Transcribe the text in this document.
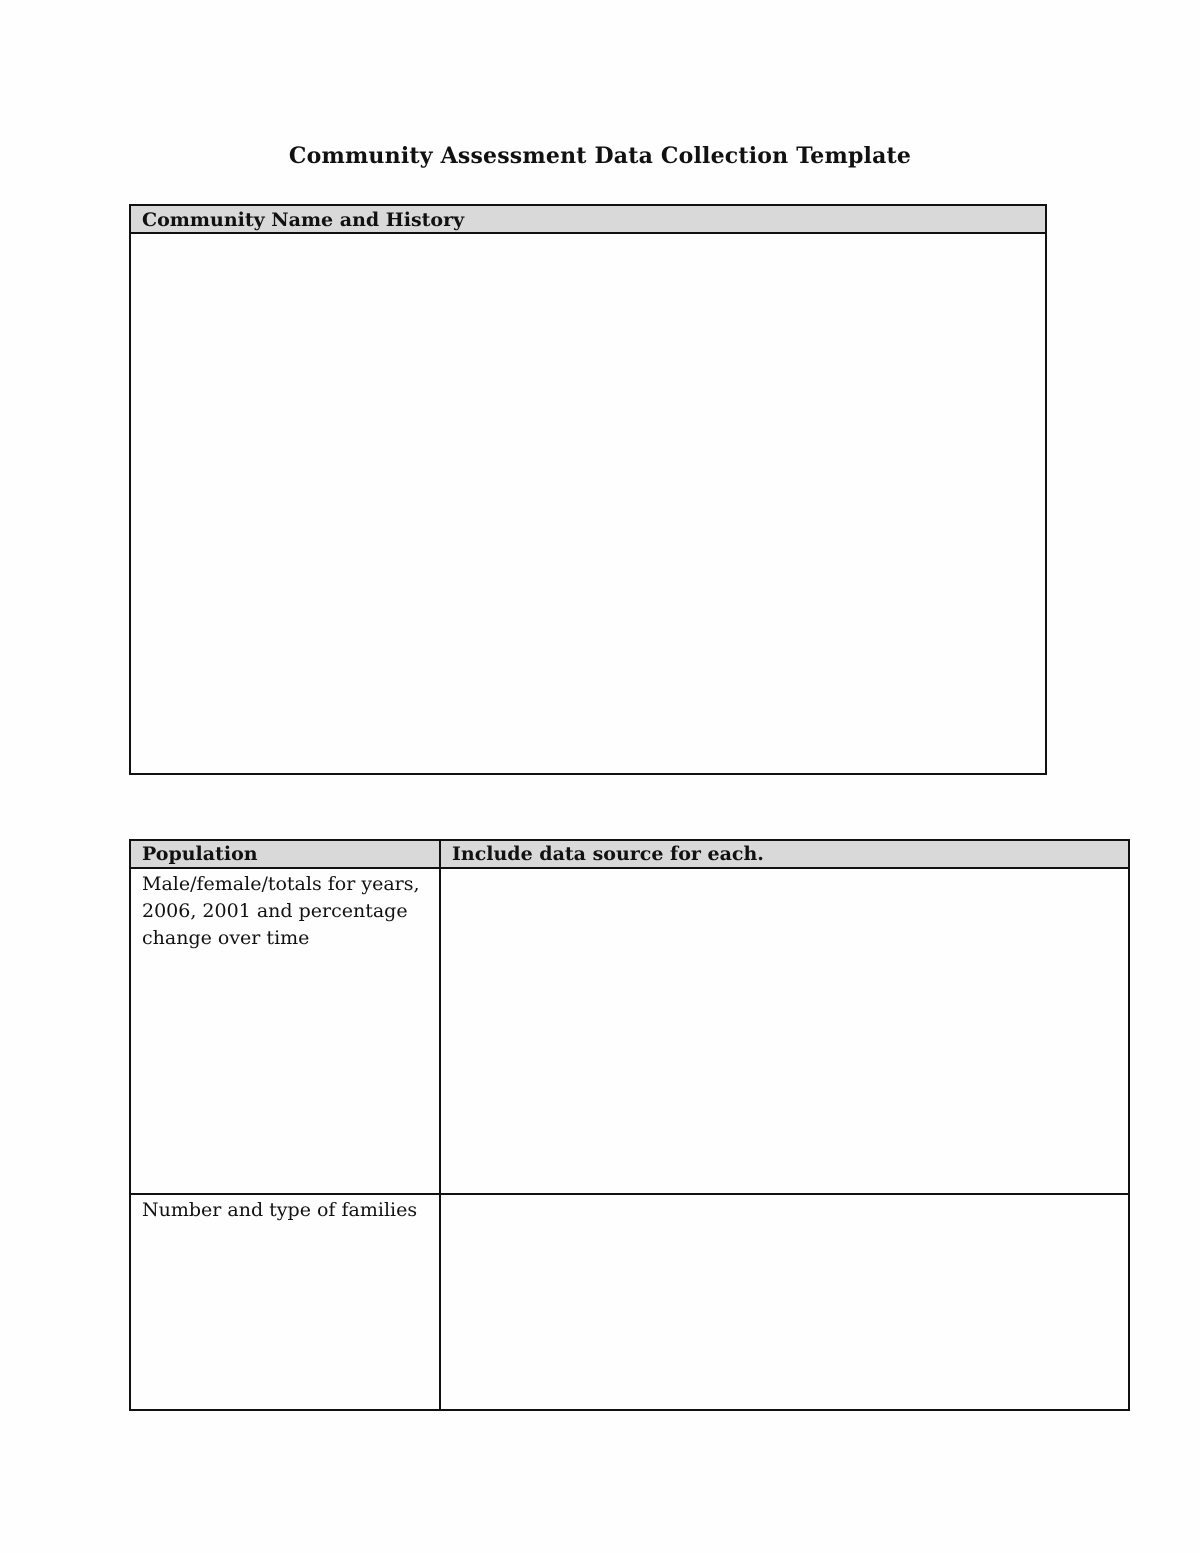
Community Assessment Data Collection Template
Community Name and History
Population	Include data source for each.
Male/female/totals for years, 2006, 2001 and percentage change over time
Number and type of families
